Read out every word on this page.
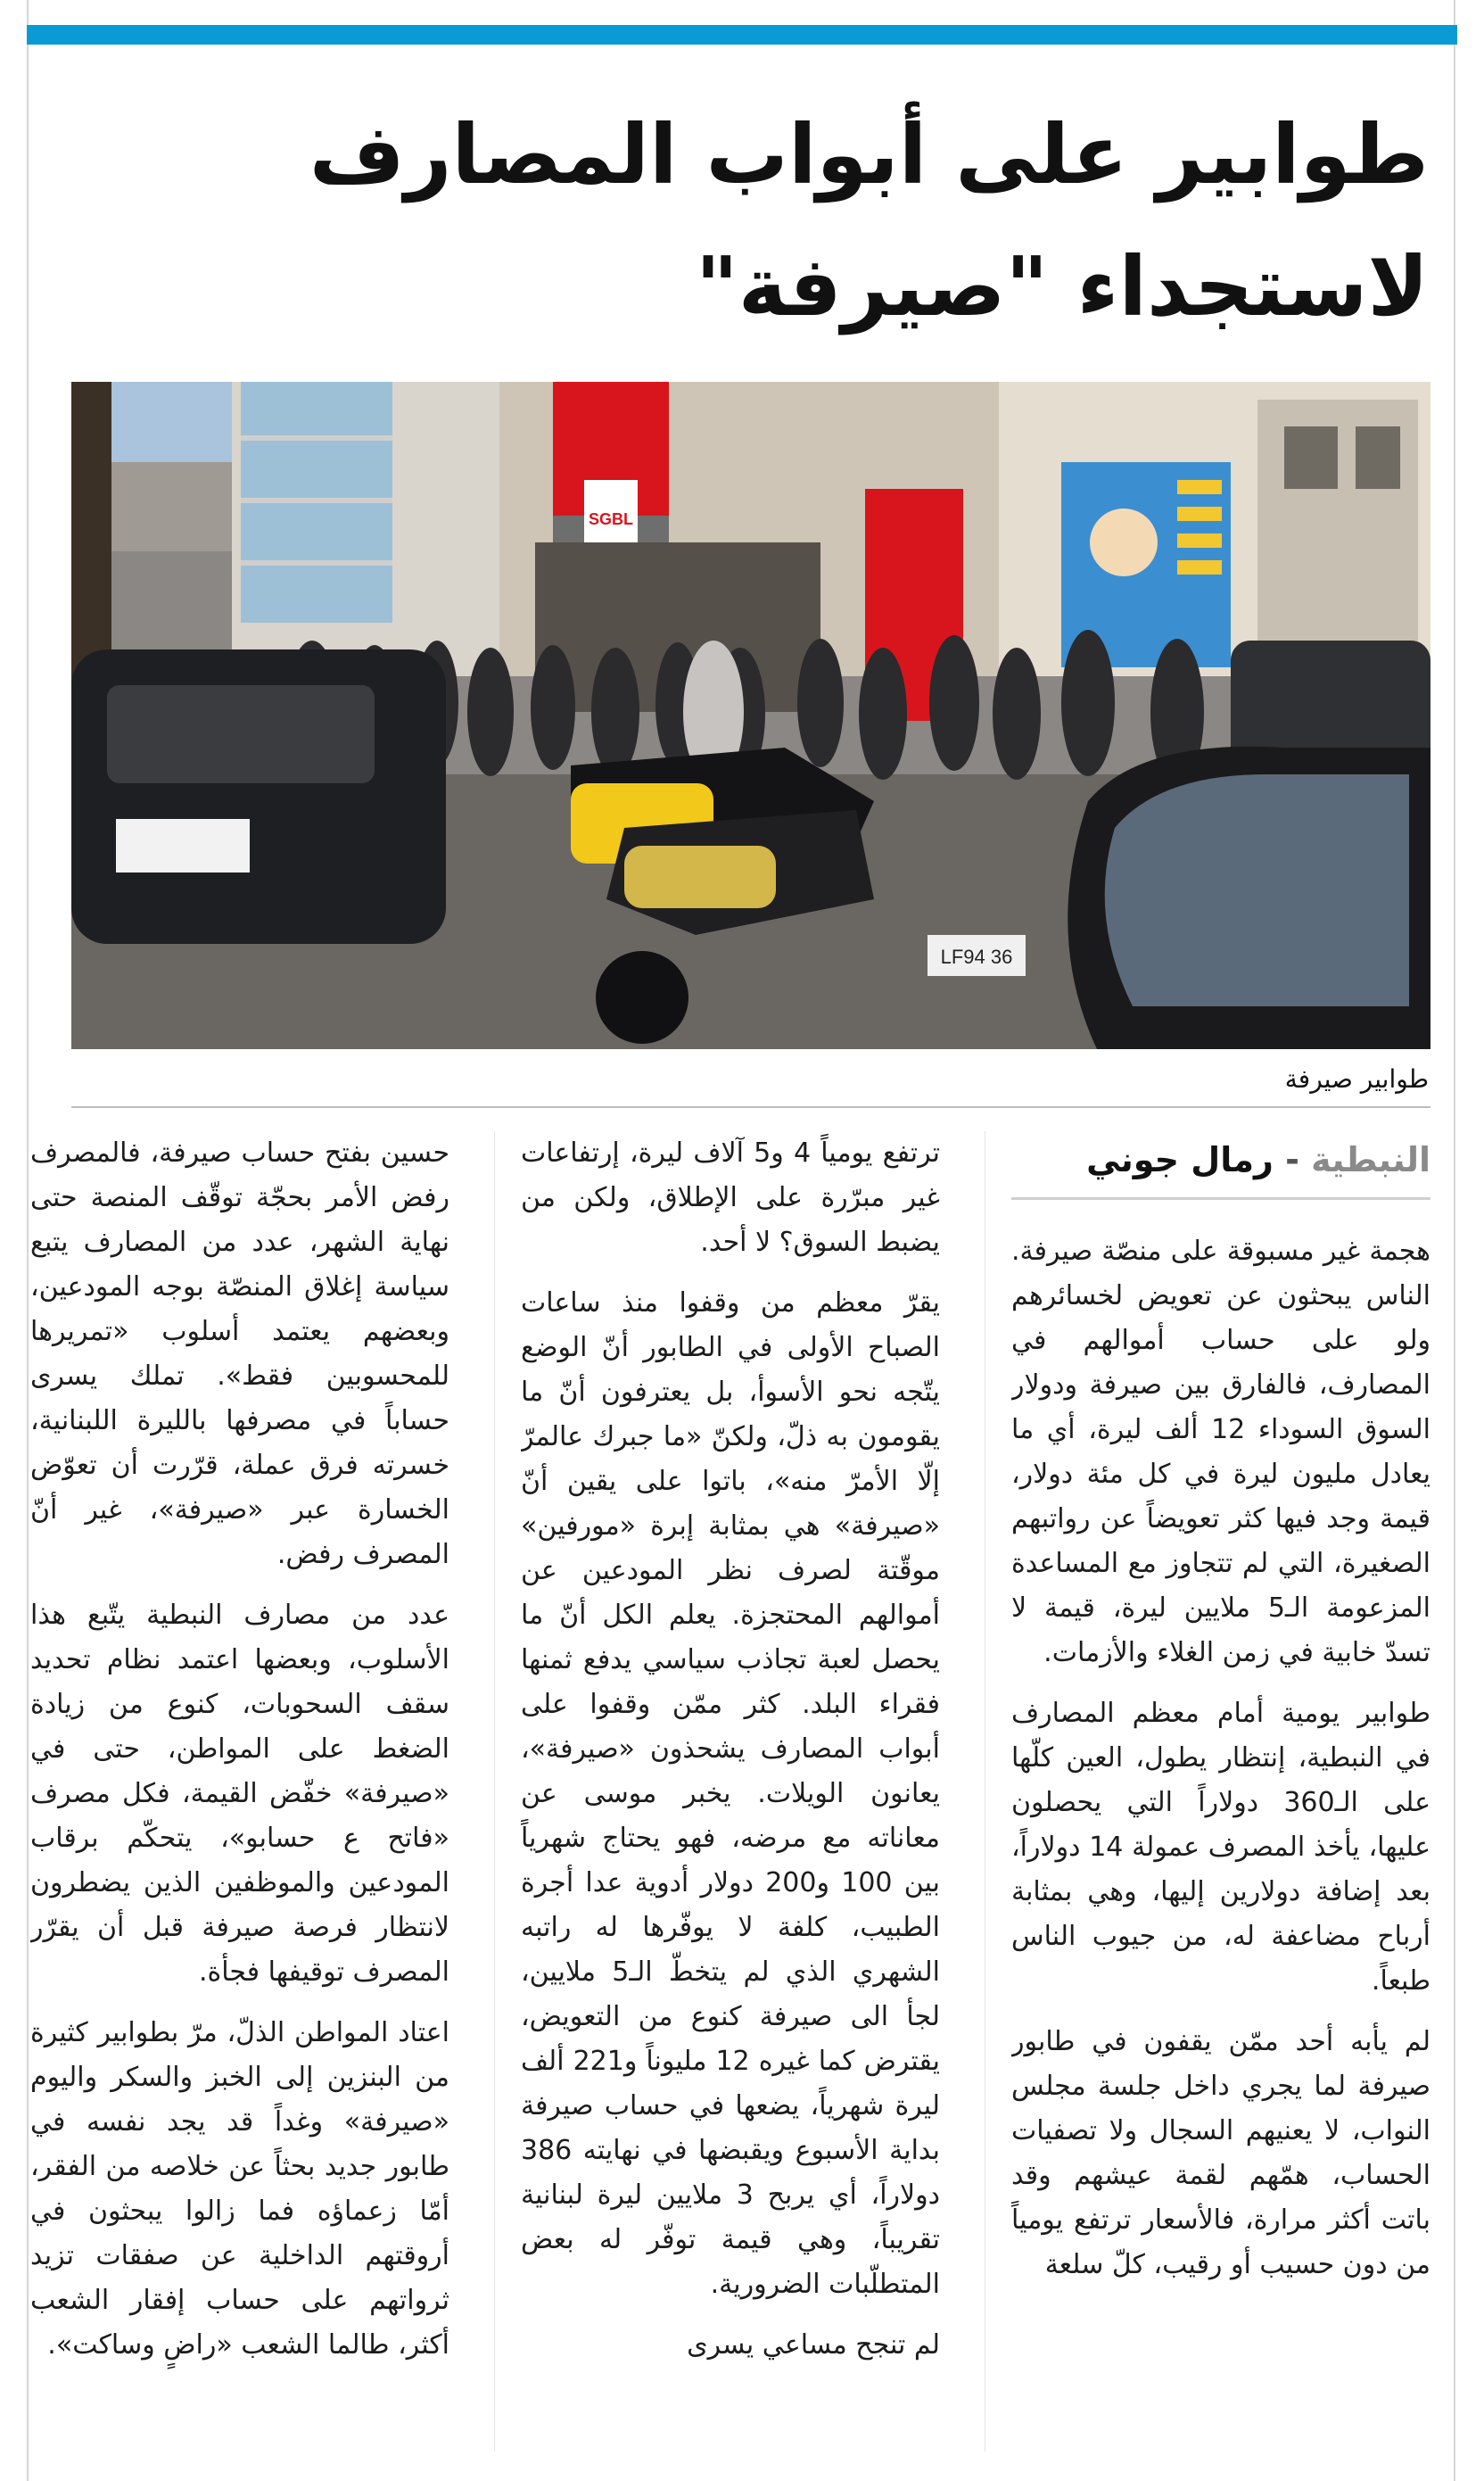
طوابير على أبواب المصارف
لاستجداء "صيرفة"
SGBL
LF94 36
طوابير صيرفة
النبطية - رمال جوني

هجمة غير مسبوقة على منصّة صيرفة. الناس يبحثون عن تعويض لخسائرهم ولو على حساب أموالهم في المصارف، فالفارق بين صيرفة ودولار السوق السوداء 12 ألف ليرة، أي ما يعادل مليون ليرة في كل مئة دولار، قيمة وجد فيها كثر تعويضاً عن رواتبهم الصغيرة، التي لم تتجاوز مع المساعدة المزعومة الـ5 ملايين ليرة، قيمة لا تسدّ خابية في زمن الغلاء والأزمات.

طوابير يومية أمام معظم المصارف في النبطية، إنتظار يطول، العين كلّها على الـ360 دولاراً التي يحصلون عليها، يأخذ المصرف عمولة 14 دولاراً، بعد إضافة دولارين إليها، وهي بمثابة أرباح مضاعفة له، من جيوب الناس طبعاً.

لم يأبه أحد ممّن يقفون في طابور صيرفة لما يجري داخل جلسة مجلس النواب، لا يعنيهم السجال ولا تصفيات الحساب، همّهم لقمة عيشهم وقد باتت أكثر مرارة، فالأسعار ترتفع يومياً من دون حسيب أو رقيب، كلّ سلعة

ترتفع يومياً 4 و5 آلاف ليرة، إرتفاعات غير مبرّرة على الإطلاق، ولكن من يضبط السوق؟ لا أحد.

يقرّ معظم من وقفوا منذ ساعات الصباح الأولى في الطابور أنّ الوضع يتّجه نحو الأسوأ، بل يعترفون أنّ ما يقومون به ذلّ، ولكنّ «ما جبرك عالمرّ إلّا الأمرّ منه»، باتوا على يقين أنّ «صيرفة» هي بمثابة إبرة «مورفين» موقّتة لصرف نظر المودعين عن أموالهم المحتجزة. يعلم الكل أنّ ما يحصل لعبة تجاذب سياسي يدفع ثمنها فقراء البلد. كثر ممّن وقفوا على أبواب المصارف يشحذون «صيرفة»، يعانون الويلات. يخبر موسى عن معاناته مع مرضه، فهو يحتاج شهرياً بين 100 و200 دولار أدوية عدا أجرة الطبيب، كلفة لا يوفّرها له راتبه الشهري الذي لم يتخطّ الـ5 ملايين، لجأ الى صيرفة كنوع من التعويض، يقترض كما غيره 12 مليوناً و221 ألف ليرة شهرياً، يضعها في حساب صيرفة بداية الأسبوع ويقبضها في نهايته 386 دولاراً، أي يربح 3 ملايين ليرة لبنانية تقريباً، وهي قيمة توفّر له بعض المتطلّبات الضرورية.

لم تنجح مساعي يسرى

حسين بفتح حساب صيرفة، فالمصرف رفض الأمر بحجّة توقّف المنصة حتى نهاية الشهر، عدد من المصارف يتبع سياسة إغلاق المنصّة بوجه المودعين، وبعضهم يعتمد أسلوب «تمريرها للمحسوبين فقط». تملك يسرى حساباً في مصرفها بالليرة اللبنانية، خسرته فرق عملة، قرّرت أن تعوّض الخسارة عبر «صيرفة»، غير أنّ المصرف رفض.

عدد من مصارف النبطية يتّبع هذا الأسلوب، وبعضها اعتمد نظام تحديد سقف السحوبات، كنوع من زيادة الضغط على المواطن، حتى في «صيرفة» خفّض القيمة، فكل مصرف «فاتح ع حسابو»، يتحكّم برقاب المودعين والموظفين الذين يضطرون لانتظار فرصة صيرفة قبل أن يقرّر المصرف توقيفها فجأة.

اعتاد المواطن الذلّ، مرّ بطوابير كثيرة من البنزين إلى الخبز والسكر واليوم «صيرفة» وغداً قد يجد نفسه في طابور جديد بحثاً عن خلاصه من الفقر، أمّا زعماؤه فما زالوا يبحثون في أروقتهم الداخلية عن صفقات تزيد ثرواتهم على حساب إفقار الشعب أكثر، طالما الشعب «راضٍ وساكت».
